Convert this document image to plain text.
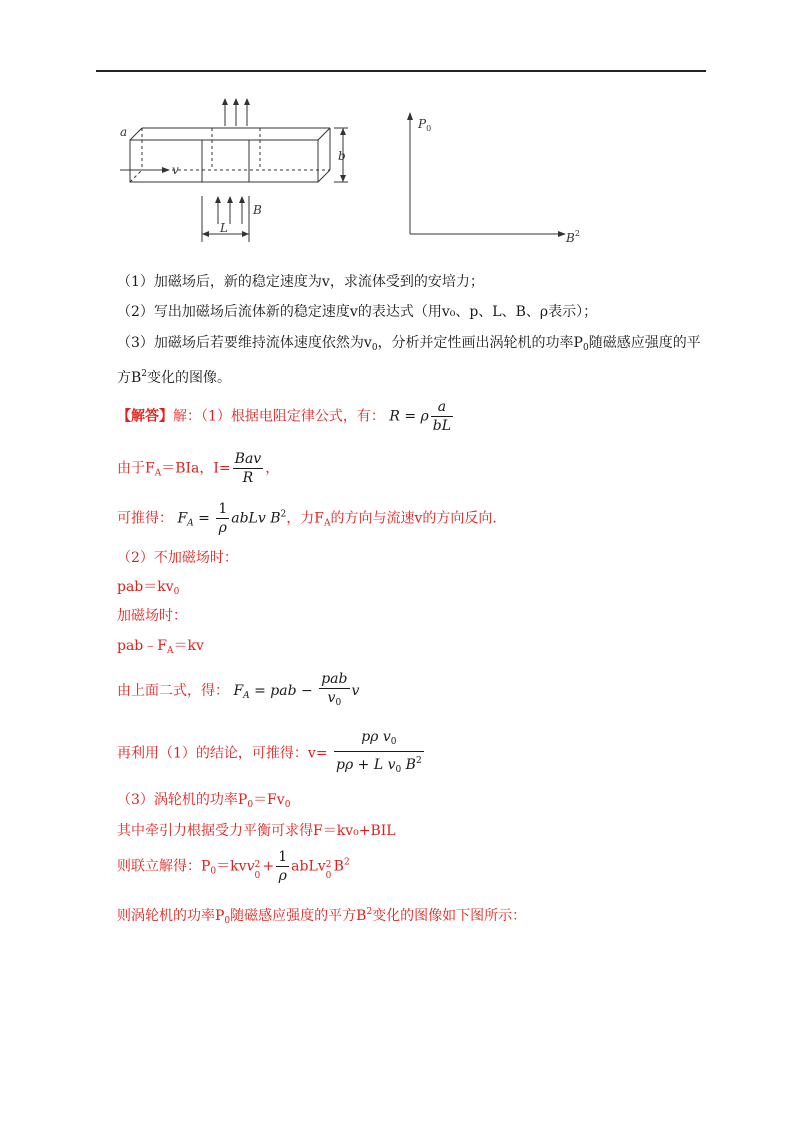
a
b
v
B
L
$P_0$
$B^2$
（1）加磁场后，新的稳定速度为v，求流体受到的安培力；
（2）写出加磁场后流体新的稳定速度v的表达式（用v₀、p、L、B、ρ表示）；
（3）加磁场后若要维持流体速度依然为$v_0$，分析并定性画出涡轮机的功率$P_0$随磁感应强度的平
方$B^2$变化的图像。
【解答】解：（1）根据电阻定律公式，有： R = ρ $\frac{a}{bL}$
由于$F_A=BIa$，$I= \frac{\text{Bav}}{R}$ ，
可推得： $F_A = \frac{1}{\rho}$ abLv $B^2$，力$F_A$的方向与流速v的方向反向.
（2）不加磁场时：
$pab=kv_0$
加磁场时：
$pab﹣F_A=kv$
由上面二式，得： $F_A$ = pab − $\frac{\text{pab}}{v_0}$ v
再利用（1）的结论，可推得：$v= \frac{p\rho v_0}{p\rho + L v_0 B^2}$
（3）涡轮机的功率$P_0=Fv_0$
其中牵引力根据受力平衡可求得F＝kv₀+BIL
则联立解得：$P_0=kvv$ 2
0
+ $\frac{1}{\rho}$ abLv 2
0
$B^2$
则涡轮机的功率$P_0$随磁感应强度的平方$B^2$变化的图像如下图所示：
